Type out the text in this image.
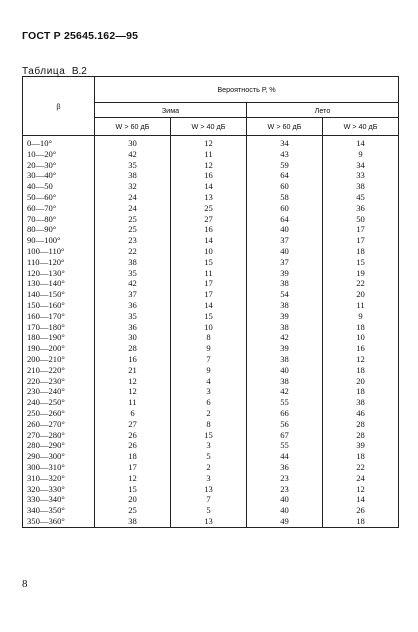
ГОСТ Р 25645.162—95
Таблица В.2
β	Вероятность Р, %			
	Зима		Лето	
	W > 60 дБ	W > 40 дБ	W > 60 дБ	W > 40 дБ
0—10°	30	12	34	14
10—20°	42	11	43	9
20—30°	35	12	59	34
30—40°	38	16	64	33
40—50	32	14	60	38
50—60°	24	13	58	45
60—70°	24	25	60	36
70—80°	25	27	64	50
80—90°	25	16	40	17
90—100°	23	14	37	17
100—110°	22	10	40	18
110—120°	38	15	37	15
120—130°	35	11	39	19
130—140°	42	17	38	22
140—150°	37	17	54	20
150—160°	36	14	38	11
160—170°	35	15	39	9
170—180°	36	10	38	18
180—190°	30	8	42	10
190—200°	28	9	39	16
200—210°	16	7	38	12
210—220°	21	9	40	18
220—230°	12	4	38	20
230—240°	12	3	42	18
240—250°	11	6	55	38
250—260°	6	2	66	46
260—270°	27	8	56	28
270—280°	26	15	67	28
280—290°	26	3	55	39
290—300°	18	5	44	18
300—310°	17	2	36	22
310—320°	12	3	23	24
320—330°	15	13	23	12
330—340°	20	7	40	14
340—350°	25	5	40	26
350—360°	38	13	49	18
8
